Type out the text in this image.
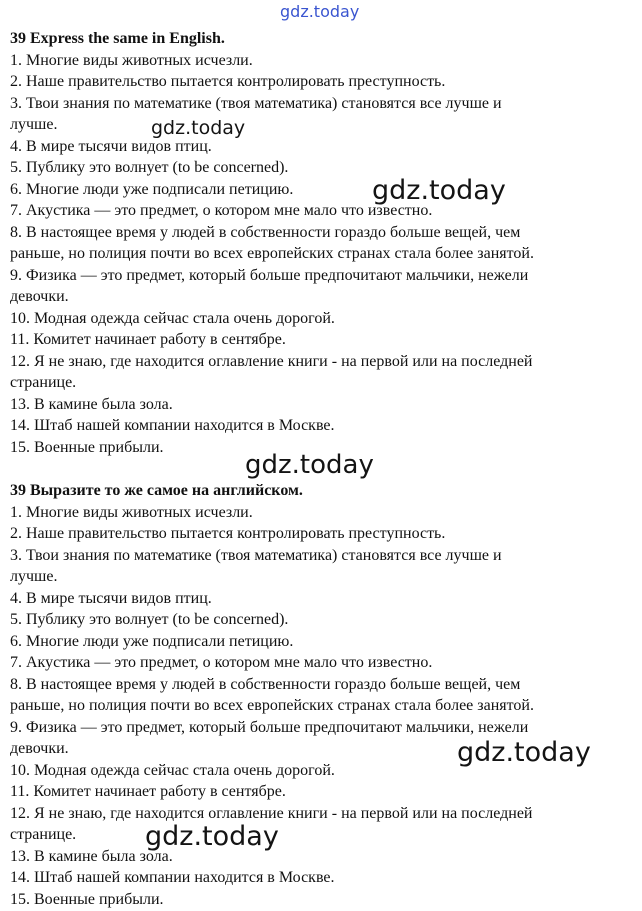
gdz.today
gdz.today
gdz.today
gdz.today
gdz.today
gdz.today
39 Express the same in English.
1. Многие виды животных исчезли.
2. Наше правительство пытается контролировать преступность.
3. Твои знания по математике (твоя математика) становятся все лучше и
лучше.
4. В мире тысячи видов птиц.
5. Публику это волнует (to be concerned).
6. Многие люди уже подписали петицию.
7. Акустика — это предмет, о котором мне мало что известно.
8. В настоящее время у людей в собственности гораздо больше вещей, чем
раньше, но полиция почти во всех европейских странах стала более занятой.
9. Физика — это предмет, который больше предпочитают мальчики, нежели
девочки.
10. Модная одежда сейчас стала очень дорогой.
11. Комитет начинает работу в сентябре.
12. Я не знаю, где находится оглавление книги - на первой или на последней
странице.
13. В камине была зола.
14. Штаб нашей компании находится в Москве.
15. Военные прибыли.
39 Выразите то же самое на английском.
1. Многие виды животных исчезли.
2. Наше правительство пытается контролировать преступность.
3. Твои знания по математике (твоя математика) становятся все лучше и
лучше.
4. В мире тысячи видов птиц.
5. Публику это волнует (to be concerned).
6. Многие люди уже подписали петицию.
7. Акустика — это предмет, о котором мне мало что известно.
8. В настоящее время у людей в собственности гораздо больше вещей, чем
раньше, но полиция почти во всех европейских странах стала более занятой.
9. Физика — это предмет, который больше предпочитают мальчики, нежели
девочки.
10. Модная одежда сейчас стала очень дорогой.
11. Комитет начинает работу в сентябре.
12. Я не знаю, где находится оглавление книги - на первой или на последней
странице.
13. В камине была зола.
14. Штаб нашей компании находится в Москве.
15. Военные прибыли.
